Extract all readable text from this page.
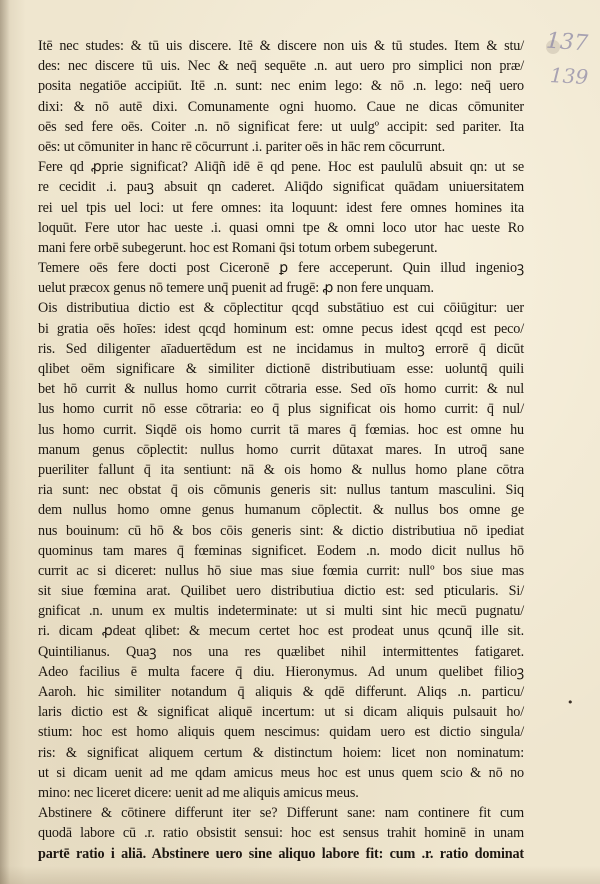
137
139
Itē nec studes: & tū uis discere. Itē & discere non uis & tū studes. Item & stu/
des: nec discere tū uis. Nec & neq̄ sequēte .n. aut uero pro simplici non præ/
posita negatiōe accipiūt. Itē .n. sunt: nec enim lego: & nō .n. lego: neq̄ uero
dixi: & nō autē dixi. Comunamente ogni huomo. Caue ne dicas cōmuniter
oēs sed fere oēs. Coiter .n. nō significat fere: ut uulgº accipit: sed pariter. Ita
oēs: ut cōmuniter in hanc rē cōcurrunt .i. pariter oēs in hāc rem cōcurrunt.
Fere qd ꝓprie significat? Aliq̄ñ idē ē qd pene. Hoc est paululū absuit qn: ut se
re cecidit .i. pauꝫ absuit qn caderet. Aliq̄do significat quādam uniuersitatem
rei uel tpis uel loci: ut fere omnes: ita loquunt: idest fere omnes homines ita
loquūt. Fere utor hac ueste .i. quasi omni tpe & omni loco utor hac ueste Ro
mani fere orbē subegerunt. hoc est Romani q̄si totum orbem subegerunt.
Temere oēs fere docti post Ciceronē ꝑ fere acceperunt. Quin illud ingenioꝫ
uelut præcox genus nō temere unq̄ puenit ad frugē: ꝓ non fere unquam.
Ois distributiua dictio est & cōplectitur qcqd substātiuo est cui cōiūgitur: uer
bi gratia oēs hoīes: idest qcqd hominum est: omne pecus idest qcqd est peco/
ris. Sed diligenter aīaduertēdum est ne incidamus in multoꝫ errorē q̄ dicūt
qlibet oēm significare & similiter dictionē distributiuam esse: uoluntq̄ quili
bet hō currit & nullus homo currit cōtraria esse. Sed oīs homo currit: & nul
lus homo currit nō esse cōtraria: eo q̄ plus significat ois homo currit: q̄ nul/
lus homo currit. Siqdē ois homo currit tā mares q̄ fœmias. hoc est omne hu
manum genus cōplectit: nullus homo currit dūtaxat mares. In utroq̄ sane
pueriliter fallunt q̄ ita sentiunt: nā & ois homo & nullus homo plane cōtra
ria sunt: nec obstat q̄ ois cōmunis generis sit: nullus tantum masculini. Siq
dem nullus homo omne genus humanum cōplectit. & nullus bos omne ge
nus bouinum: cū hō & bos cōis generis sint: & dictio distributiua nō ipediat
quominus tam mares q̄ fœminas significet. Eodem .n. modo dicit nullus hō
currit ac si diceret: nullus hō siue mas siue fœmia currit: nullº bos siue mas
sit siue fœmina arat. Quilibet uero distributiua dictio est: sed pticularis. Si/
gnificat .n. unum ex multis indeterminate: ut si multi sint hic mecū pugnatu/
ri. dicam ꝓdeat qlibet: & mecum certet hoc est prodeat unus qcunq̄ ille sit.
Quintilianus. Quaꝫ nos una res quælibet nihil intermittentes fatigaret.
Adeo facilius ē multa facere q̄ diu. Hieronymus. Ad unum quelibet filioꝫ
Aaroh. hic similiter notandum q̄ aliquis & qdē differunt. Aliqs .n. particu/
laris dictio est & significat aliquē incertum: ut si dicam aliquis pulsauit ho/
stium: hoc est homo aliquis quem nescimus: quidam uero est dictio singula/
ris: & significat aliquem certum & distinctum hoiem: licet non nominatum:
ut si dicam uenit ad me qdam amicus meus hoc est unus quem scio & nō no
mino: nec liceret dicere: uenit ad me aliquis amicus meus.
Abstinere & cōtinere differunt iter se? Differunt sane: nam continere fit cum
quodā labore cū .r. ratio obsistit sensui: hoc est sensus trahit hominē in unam
partē ratio i aliā. Abstinere uero sine aliquo labore fit: cum .r. ratio dominat
•
